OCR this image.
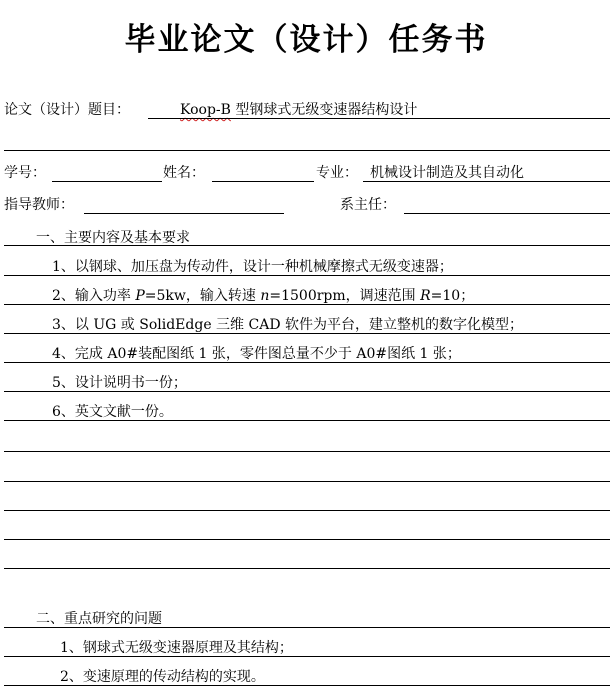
毕业论文（设计）任务书
论文（设计）题目：	Koop-B 型钢球式无级变速器结构设计
学号：	姓名：	专业： 机械设计制造及其自动化
指导教师：	系主任：
一、主要内容及基本要求
1、以钢球、加压盘为传动件，设计一种机械摩擦式无级变速器；
2、输入功率 P=5kw，输入转速 n=1500rpm，调速范围 R=10；
3、以 UG 或 SolidEdge 三维 CAD 软件为平台，建立整机的数字化模型；
4、完成 A0#装配图纸 1 张，零件图总量不少于 A0#图纸 1 张；
5、设计说明书一份；
6、英文文献一份。
二、重点研究的问题
1、钢球式无级变速器原理及其结构；
2、变速原理的传动结构的实现。
